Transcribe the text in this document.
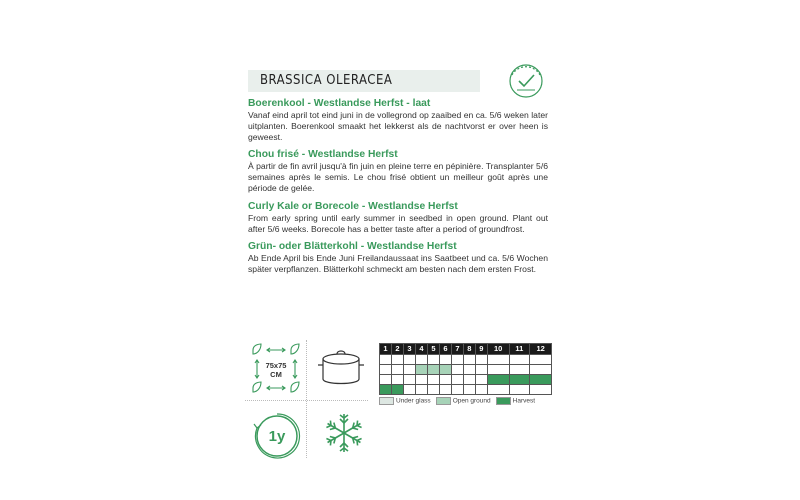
BRASSICA OLERACEA
Boerenkool - Westlandse Herfst - laat

Vanaf eind april tot eind juni in de vollegrond op zaaibed en ca. 5/6 weken later uitplanten. Boerenkool smaakt het lekkerst als de nachtvorst er over heen is geweest.

Chou frisé - Westlandse Herfst

À partir de fin avril jusqu'à fin juin en pleine terre en pépinière. Transplanter 5/6 semaines après le semis. Le chou frisé obtient un meilleur goût après une période de gelée.

Curly Kale or Borecole - Westlandse Herfst

From early spring until early summer in seedbed in open ground. Plant out after 5/6 weeks. Borecole has a better taste after a period of groundfrost.

Grün- oder Blätterkohl - Westlandse Herfst

Ab Ende April bis Ende Juni Freilandaussaat ins Saatbeet und ca. 5/6 Wochen später verpflanzen. Blätterkohl schmeckt am besten nach dem ersten Frost.

75x75
CM
1y
1	2	3	4	5	6	7	8	9	10	11	12

Under glass	Open ground	Harvest
